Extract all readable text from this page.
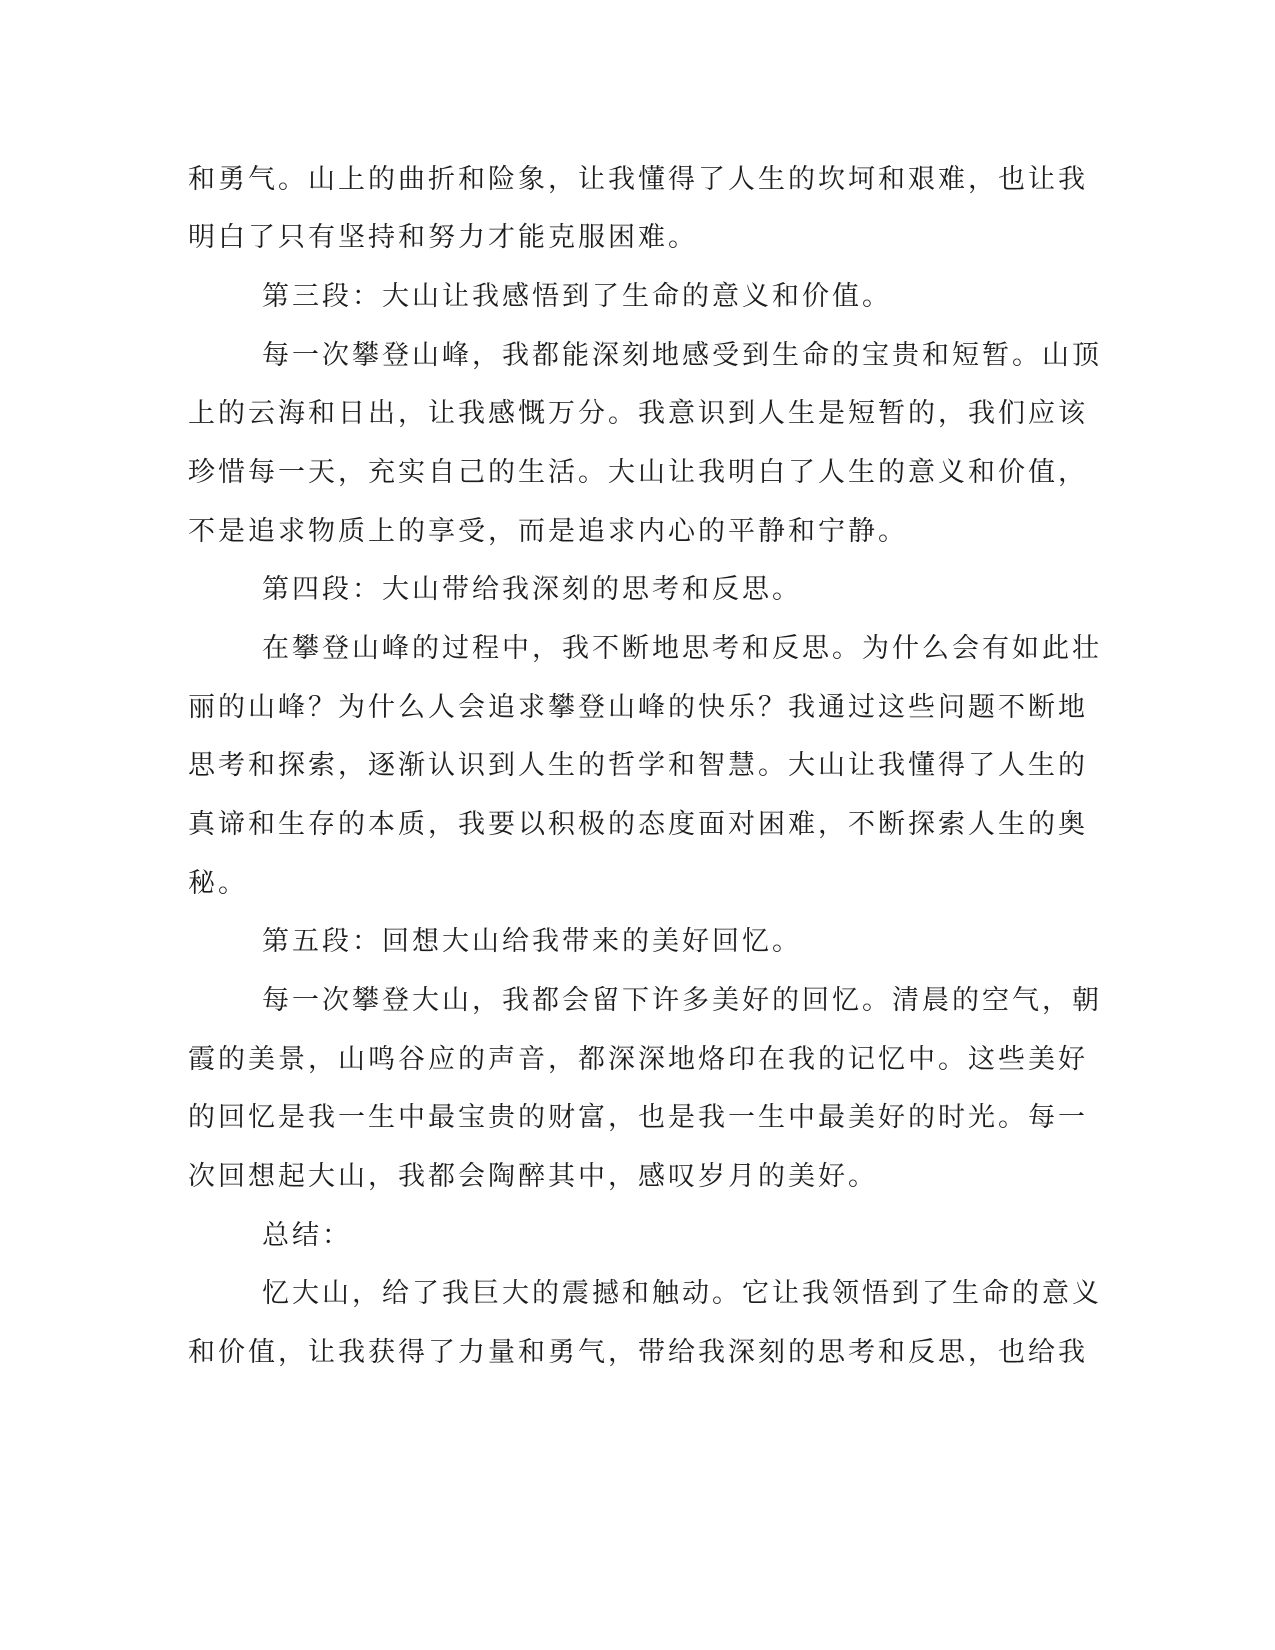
和勇气。山上的曲折和险象，让我懂得了人生的坎坷和艰难，也让我
明白了只有坚持和努力才能克服困难。
第三段：大山让我感悟到了生命的意义和价值。
每一次攀登山峰，我都能深刻地感受到生命的宝贵和短暂。山顶
上的云海和日出，让我感慨万分。我意识到人生是短暂的，我们应该
珍惜每一天，充实自己的生活。大山让我明白了人生的意义和价值，
不是追求物质上的享受，而是追求内心的平静和宁静。
第四段：大山带给我深刻的思考和反思。
在攀登山峰的过程中，我不断地思考和反思。为什么会有如此壮
丽的山峰？为什么人会追求攀登山峰的快乐？我通过这些问题不断地
思考和探索，逐渐认识到人生的哲学和智慧。大山让我懂得了人生的
真谛和生存的本质，我要以积极的态度面对困难，不断探索人生的奥
秘。
第五段：回想大山给我带来的美好回忆。
每一次攀登大山，我都会留下许多美好的回忆。清晨的空气，朝
霞的美景，山鸣谷应的声音，都深深地烙印在我的记忆中。这些美好
的回忆是我一生中最宝贵的财富，也是我一生中最美好的时光。每一
次回想起大山，我都会陶醉其中，感叹岁月的美好。
总结：
忆大山，给了我巨大的震撼和触动。它让我领悟到了生命的意义
和价值，让我获得了力量和勇气，带给我深刻的思考和反思，也给我
